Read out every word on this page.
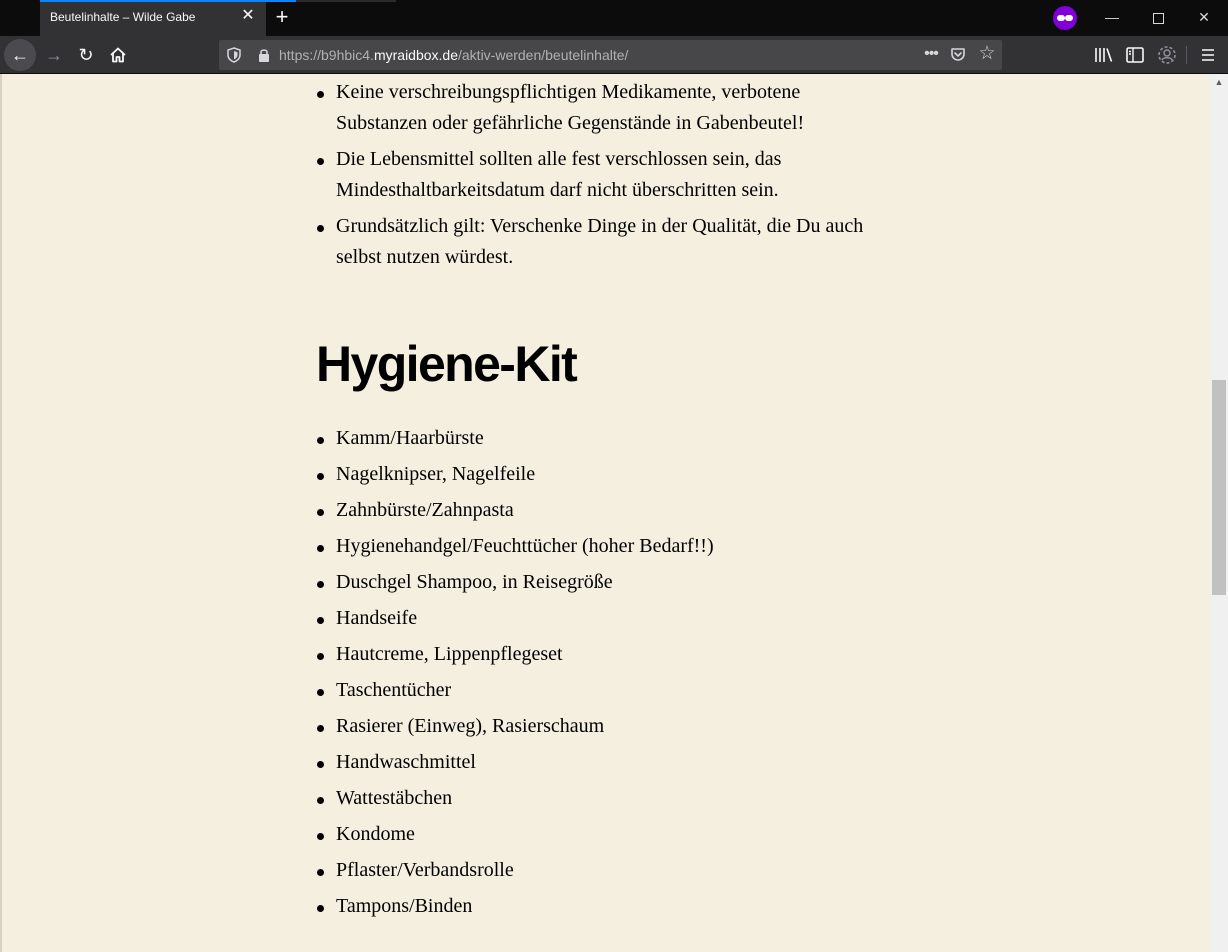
Beutelinhalte – Wilde Gabe	✕ +	—	✕
← → ↻	https://b9hbic4.myraidbox.de/aktiv-werden/beutelinhalte/	••• ☆
Keine verschreibungspflichtigen Medikamente, verbotene Substanzen oder gefährliche Gegenstände in Gabenbeutel!
Die Lebensmittel sollten alle fest verschlossen sein, das Mindesthaltbarkeitsdatum darf nicht überschritten sein.
Grundsätzlich gilt: Verschenke Dinge in der Qualität, die Du auch selbst nutzen würdest.
Hygiene-Kit
Kamm/Haarbürste
Nagelknipser, Nagelfeile
Zahnbürste/Zahnpasta
Hygienehandgel/Feuchttücher (hoher Bedarf!!)
Duschgel Shampoo, in Reisegröße
Handseife
Hautcreme, Lippenpflegeset
Taschentücher
Rasierer (Einweg), Rasierschaum
Handwaschmittel
Wattestäbchen
Kondome
Pflaster/Verbandsrolle
Tampons/Binden
▲
